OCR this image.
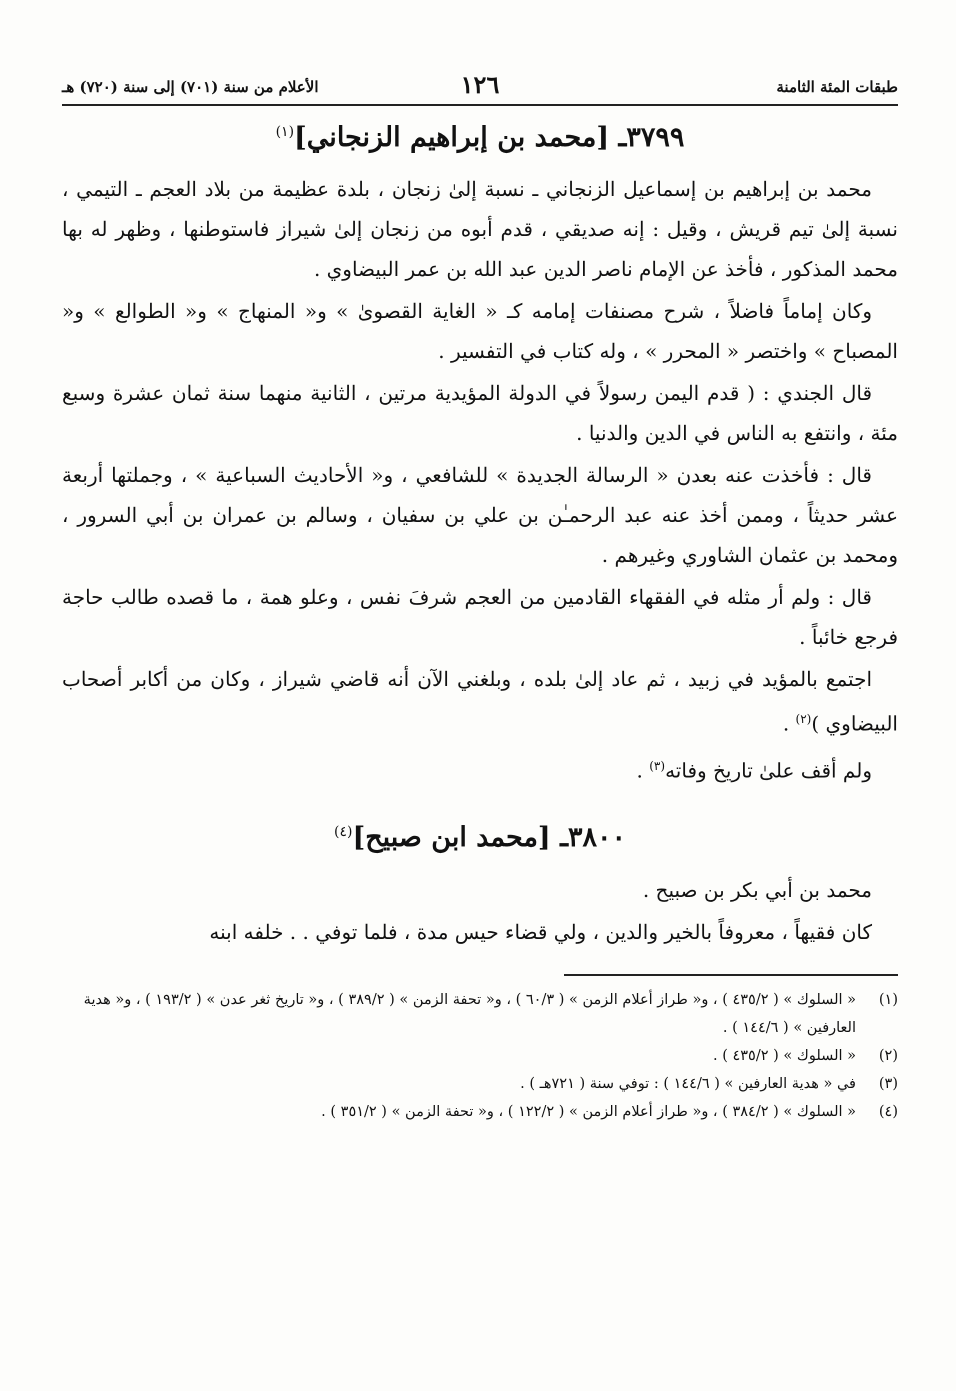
طبقات المئة الثامنة
١٢٦
الأعلام من سنة (٧٠١) إلى سنة (٧٢٠) هـ
٣٧٩٩ـ [محمد بن إبراهيم الزنجاني]$^{(١)}$

محمد بن إبراهيم بن إسماعيل الزنجاني ـ نسبة إلىٰ زنجان ، بلدة عظيمة من بلاد العجم ـ التيمي ، نسبة إلىٰ تيم قريش ، وقيل : إنه صديقي ، قدم أبوه من زنجان إلىٰ شيراز فاستوطنها ، وظهر له بها محمد المذكور ، فأخذ عن الإمام ناصر الدين عبد الله بن عمر البيضاوي .

وكان إماماً فاضلاً ، شرح مصنفات إمامه كـ « الغاية القصوىٰ » و« المنهاج » و« الطوالع » و« المصباح » واختصر « المحرر » ، وله كتاب في التفسير .

قال الجندي : ( قدم اليمن رسولاً في الدولة المؤيدية مرتين ، الثانية منهما سنة ثمان عشرة وسبع مئة ، وانتفع به الناس في الدين والدنيا .

قال : فأخذت عنه بعدن « الرسالة الجديدة » للشافعي ، و« الأحاديث السباعية » ، وجملتها أربعة عشر حديثاً ، وممن أخذ عنه عبد الرحمـٰن بن علي بن سفيان ، وسالم بن عمران بن أبي السرور ، ومحمد بن عثمان الشاوري وغيرهم .

قال : ولم أر مثله في الفقهاء القادمين من العجم شرفَ نفس ، وعلو همة ، ما قصده طالب حاجة فرجع خائباً .

اجتمع بالمؤيد في زبيد ، ثم عاد إلىٰ بلده ، وبلغني الآن أنه قاضي شيراز ، وكان من أكابر أصحاب البيضاوي )$^{(٢)}$ .

ولم أقف علىٰ تاريخ وفاته$^{(٣)}$ .

٣٨٠٠ـ [محمد ابن صبيح]$^{(٤)}$

محمد بن أبي بكر بن صبيح .

كان فقيهاً ، معروفاً بالخير والدين ، ولي قضاء حيس مدة ، فلما توفي . . خلفه ابنه

(١)
« السلوك » ( ٤٣٥/٢ ) ، و« طراز أعلام الزمن » ( ٦٠/٣ ) ، و« تحفة الزمن » ( ٣٨٩/٢ ) ، و« تاريخ ثغر عدن » ( ١٩٣/٢ ) ، و« هدية العارفين » ( ١٤٤/٦ ) .
(٢)
« السلوك » ( ٤٣٥/٢ ) .
(٣)
في « هدية العارفين » ( ١٤٤/٦ ) : توفي سنة ( ٧٢١هـ ) .
(٤)
« السلوك » ( ٣٨٤/٢ ) ، و« طراز أعلام الزمن » ( ١٢٢/٢ ) ، و« تحفة الزمن » ( ٣٥١/٢ ) .
